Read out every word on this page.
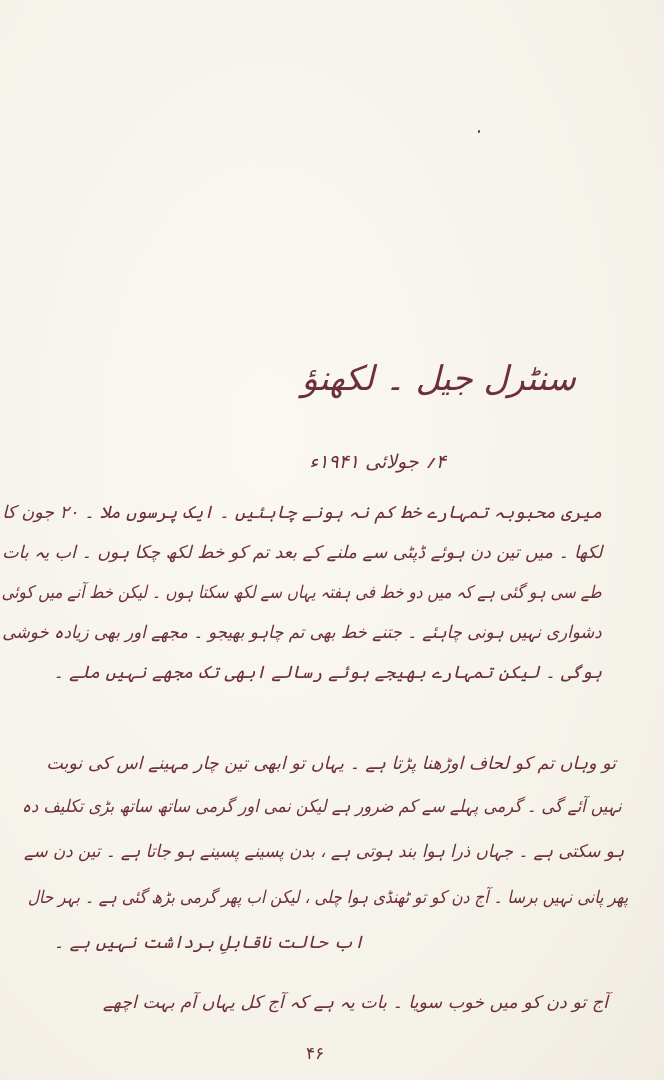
سنٹرل جیل ۔ لکھنؤ
۴؍ جولائی ۱۹۴۱ء
میری محبوبہ تمہارے خط کم نہ ہونے چاہئیں ۔ ایک پرسوں ملا ۔ ۲۰ جون کا
لکھا ۔ میں تین دن ہوئے ڈپٹی سے ملنے کے بعد تم کو خط لکھ چکا ہوں ۔ اب یہ بات
طے سی ہو گئی ہے کہ میں دو خط فی ہفتہ یہاں سے لکھ سکتا ہوں ۔ لیکن خط آنے میں کوئی
دشواری نہیں ہونی چاہئے ۔ جتنے خط بھی تم چاہو بھیجو ۔ مجھے اور بھی زیادہ خوشی
ہوگی ۔ لیکن تمہارے بھیجے ہوئے رسالے ابھی تک مجھے نہیں ملے ۔
تو وہاں تم کو لحاف اوڑھنا پڑتا ہے ۔ یہاں تو ابھی تین چار مہینے اس کی نوبت
نہیں آئے گی ۔ گرمی پہلے سے کم ضرور ہے لیکن نمی اور گرمی ساتھ ساتھ بڑی تکلیف دہ
ہو سکتی ہے ۔ جہاں ذرا ہوا بند ہوتی ہے ، بدن پسینے پسینے ہو جاتا ہے ۔ تین دن سے
پھر پانی نہیں برسا ۔ آج دن کو تو ٹھنڈی ہوا چلی ، لیکن اب پھر گرمی بڑھ گئی ہے ۔ بہر حال
اب حالت ناقابلِ برداشت نہیں ہے ۔
آج تو دن کو میں خوب سویا ۔ بات یہ ہے کہ آج کل یہاں آم بہت اچھے
۴۶
